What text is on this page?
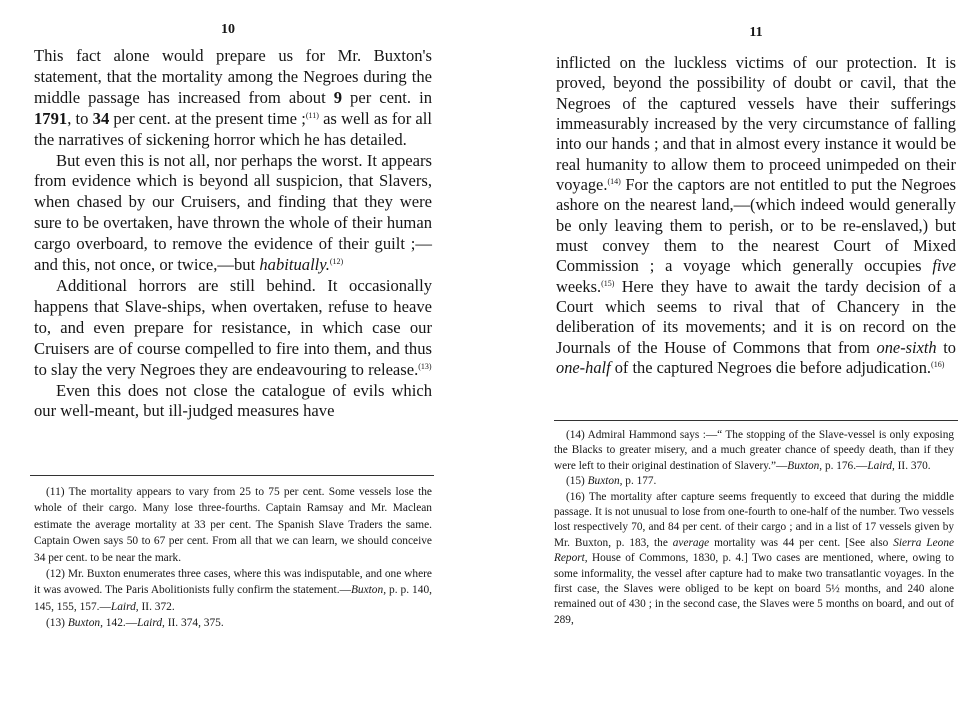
10

This fact alone would prepare us for Mr. Buxton's statement, that the mortality among the Negroes during the middle passage has increased from about 9 per cent. in 1791, to 34 per cent. at the present time ;$^{(11)}$ as well as for all the narratives of sickening horror which he has detailed.

But even this is not all, nor perhaps the worst. It appears from evidence which is beyond all suspicion, that Slavers, when chased by our Cruisers, and finding that they were sure to be overtaken, have thrown the whole of their human cargo overboard, to remove the evidence of their guilt ;—and this, not once, or twice,—but habitually.$^{(12)}$

Additional horrors are still behind. It occasionally happens that Slave-ships, when overtaken, refuse to heave to, and even prepare for resistance, in which case our Cruisers are of course compelled to fire into them, and thus to slay the very Negroes they are endeavouring to release.$^{(13)}$

Even this does not close the catalogue of evils which our well-meant, but ill-judged measures have

(11) The mortality appears to vary from 25 to 75 per cent. Some vessels lose the whole of their cargo. Many lose three-fourths. Captain Ramsay and Mr. Maclean estimate the average mortality at 33 per cent. The Spanish Slave Traders the same. Captain Owen says 50 to 67 per cent. From all that we can learn, we should conceive 34 per cent. to be near the mark.

(12) Mr. Buxton enumerates three cases, where this was indisputable, and one where it was avowed. The Paris Abolitionists fully confirm the statement.—Buxton, p. p. 140, 145, 155, 157.—Laird, II. 372.

(13) Buxton, 142.—Laird, II. 374, 375.

11

inflicted on the luckless victims of our protection. It is proved, beyond the possibility of doubt or cavil, that the Negroes of the captured vessels have their sufferings immeasurably increased by the very circumstance of falling into our hands ; and that in almost every instance it would be real humanity to allow them to proceed unimpeded on their voyage.$^{(14)}$ For the captors are not entitled to put the Negroes ashore on the nearest land,—(which indeed would generally be only leaving them to perish, or to be re-enslaved,) but must convey them to the nearest Court of Mixed Commission ; a voyage which generally occupies five weeks.$^{(15)}$ Here they have to await the tardy decision of a Court which seems to rival that of Chancery in the deliberation of its movements; and it is on record on the Journals of the House of Commons that from one-sixth to one-half of the captured Negroes die before adjudication.$^{(16)}$

(14) Admiral Hammond says :—“ The stopping of the Slave-vessel is only exposing the Blacks to greater misery, and a much greater chance of speedy death, than if they were left to their original destination of Slavery.”—Buxton, p. 176.—Laird, II. 370.

(15) Buxton, p. 177.

(16) The mortality after capture seems frequently to exceed that during the middle passage. It is not unusual to lose from one-fourth to one-half of the number. Two vessels lost respectively 70, and 84 per cent. of their cargo ; and in a list of 17 vessels given by Mr. Buxton, p. 183, the average mortality was 44 per cent. [See also Sierra Leone Report, House of Commons, 1830, p. 4.] Two cases are mentioned, where, owing to some informality, the vessel after capture had to make two transatlantic voyages. In the first case, the Slaves were obliged to be kept on board 5½ months, and 240 alone remained out of 430 ; in the second case, the Slaves were 5 months on board, and out of 289,
